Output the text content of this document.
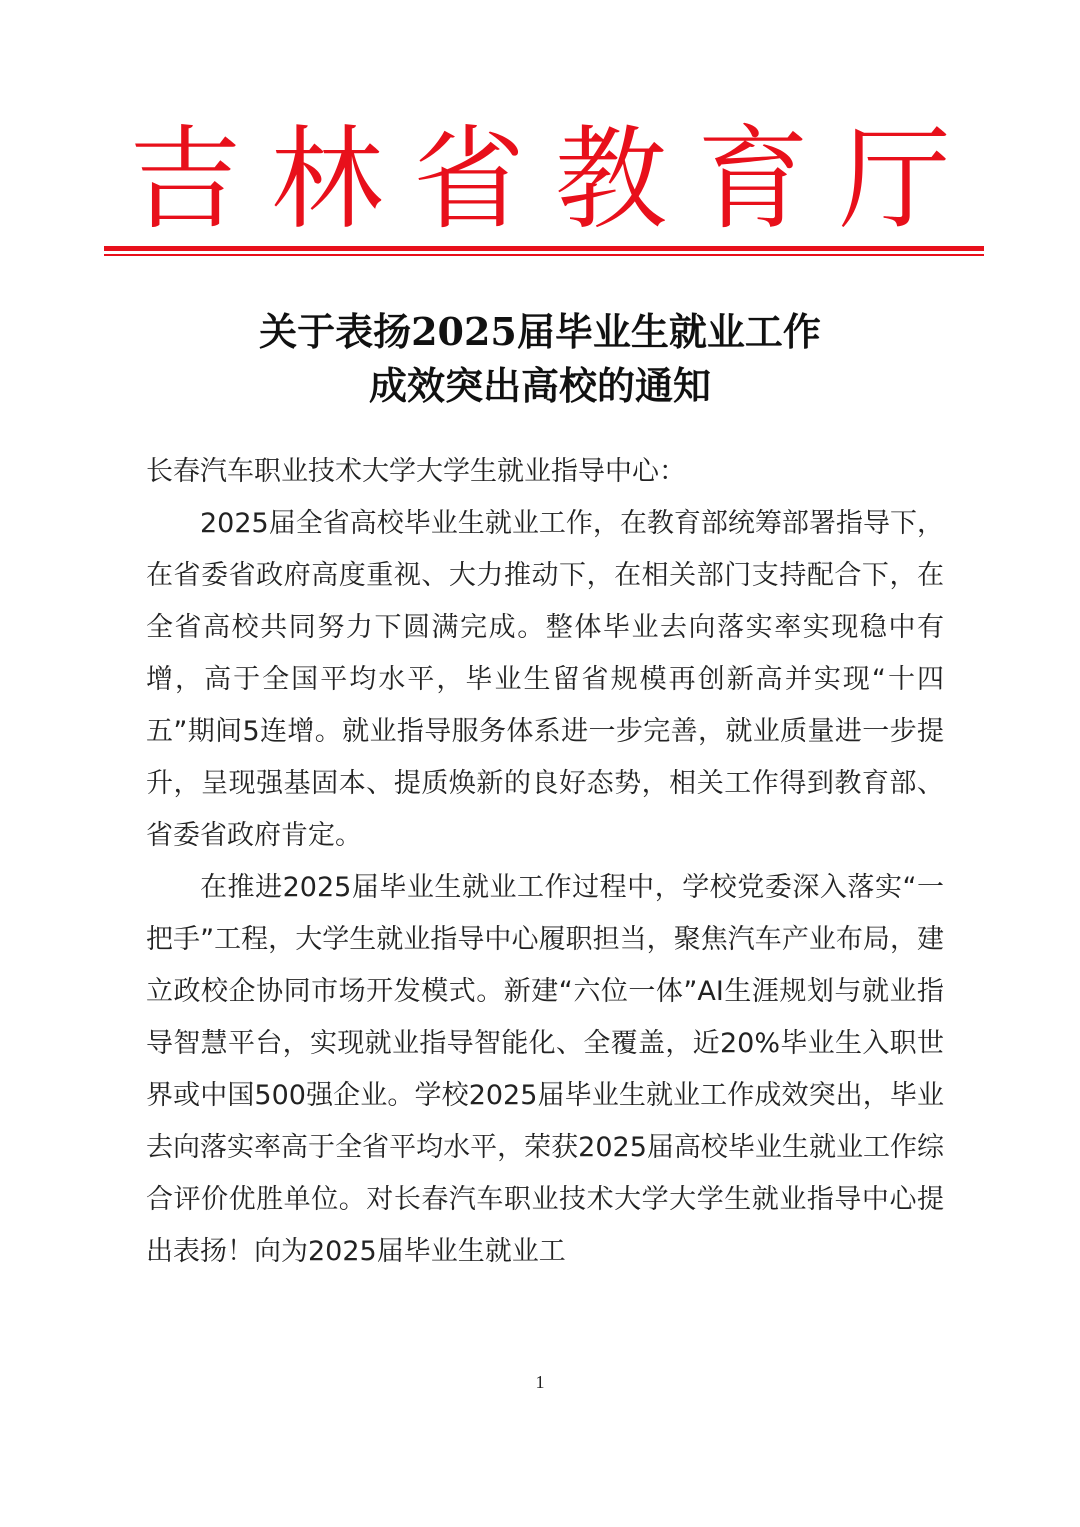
吉林省教育厅
关于表扬2025届毕业生就业工作
成效突出高校的通知

长春汽车职业技术大学大学生就业指导中心：

2025届全省高校毕业生就业工作，在教育部统筹部署指导下，在省委省政府高度重视、大力推动下，在相关部门支持配合下，在全省高校共同努力下圆满完成。整体毕业去向落实率实现稳中有增，高于全国平均水平，毕业生留省规模再创新高并实现“十四五”期间5连增。就业指导服务体系进一步完善，就业质量进一步提升，呈现强基固本、提质焕新的良好态势，相关工作得到教育部、省委省政府肯定。

在推进2025届毕业生就业工作过程中，学校党委深入落实“一把手”工程，大学生就业指导中心履职担当，聚焦汽车产业布局，建立政校企协同市场开发模式。新建“六位一体”AI生涯规划与就业指导智慧平台，实现就业指导智能化、全覆盖，近20%毕业生入职世界或中国500强企业。学校2025届毕业生就业工作成效突出，毕业去向落实率高于全省平均水平，荣获2025届高校毕业生就业工作综合评价优胜单位。对长春汽车职业技术大学大学生就业指导中心提出表扬！向为2025届毕业生就业工

1
